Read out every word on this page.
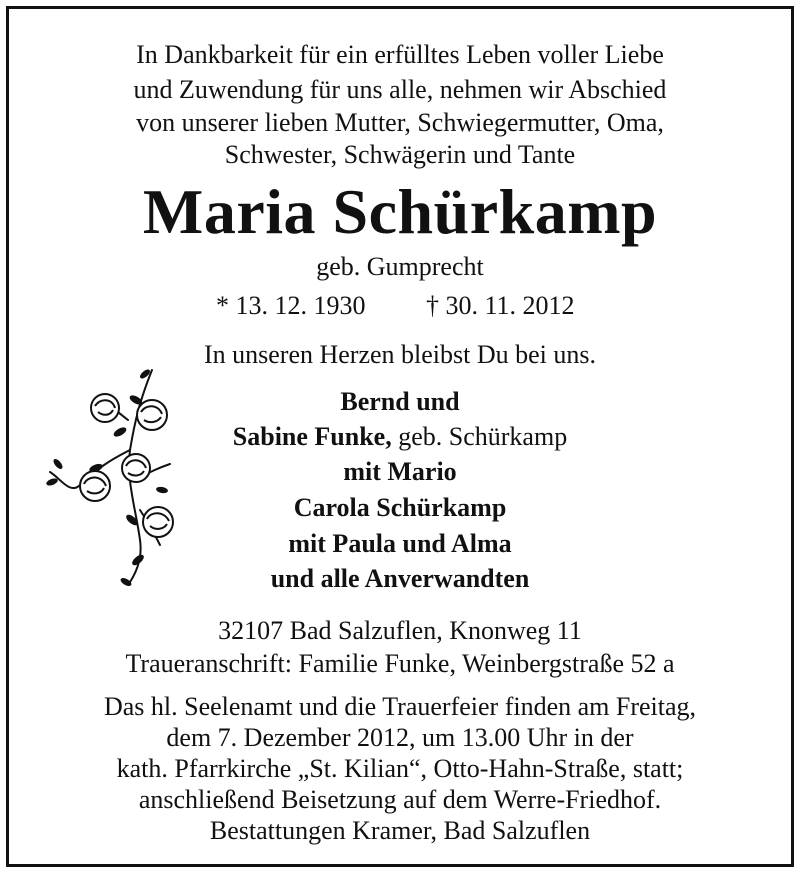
In Dankbarkeit für ein erfülltes Leben voller Liebe
und Zuwendung für uns alle, nehmen wir Abschied
von unserer lieben Mutter, Schwiegermutter, Oma,
Schwester, Schwägerin und Tante
Maria Schürkamp
geb. Gumprecht
* 13. 12. 1930 † 30. 11. 2012
In unseren Herzen bleibst Du bei uns.
Bernd und
Sabine Funke, geb. Schürkamp
mit Mario
Carola Schürkamp
mit Paula und Alma
und alle Anverwandten
32107 Bad Salzuflen, Knonweg 11
Traueranschrift: Familie Funke, Weinbergstraße 52 a
Das hl. Seelenamt und die Trauerfeier finden am Freitag,
dem 7. Dezember 2012, um 13.00 Uhr in der
kath. Pfarrkirche „St. Kilian“, Otto-Hahn-Straße, statt;
anschließend Beisetzung auf dem Werre-Friedhof.
Bestattungen Kramer, Bad Salzuflen
